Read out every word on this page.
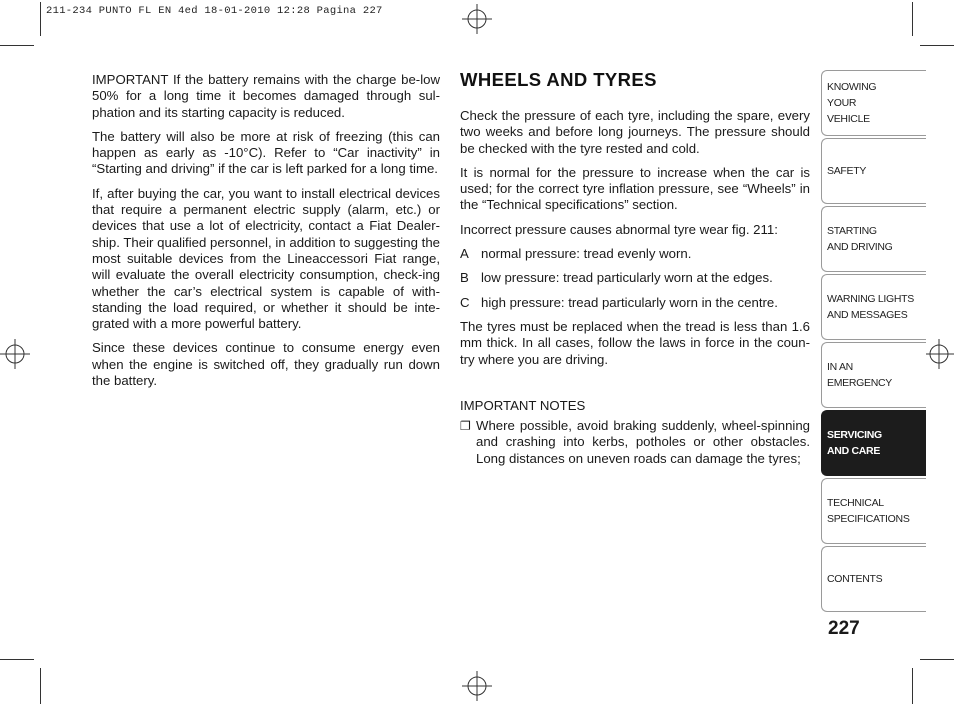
211-234 PUNTO FL EN 4ed 18-01-2010 12:28 Pagina 227

IMPORTANT If the battery remains with the charge be-low 50% for a long time it becomes damaged through sul-phation and its starting capacity is reduced.

The battery will also be more at risk of freezing (this can happen as early as -10°C). Refer to “Car inactivity” in “Starting and driving” if the car is left parked for a long time.

If, after buying the car, you want to install electrical devices that require a permanent electric supply (alarm, etc.) or devices that use a lot of electricity, contact a Fiat Dealer-ship. Their qualified personnel, in addition to suggesting the most suitable devices from the Lineaccessori Fiat range, will evaluate the overall electricity consumption, check-ing whether the car’s electrical system is capable of with-standing the load required, or whether it should be inte-grated with a more powerful battery.

Since these devices continue to consume energy even when the engine is switched off, they gradually run down the battery.

WHEELS AND TYRES

Check the pressure of each tyre, including the spare, every two weeks and before long journeys. The pressure should be checked with the tyre rested and cold.

It is normal for the pressure to increase when the car is used; for the correct tyre inflation pressure, see “Wheels” in the “Technical specifications” section.

Incorrect pressure causes abnormal tyre wear fig. 211:

A normal pressure: tread evenly worn.
B low pressure: tread particularly worn at the edges.
C high pressure: tread particularly worn in the centre.

The tyres must be replaced when the tread is less than 1.6 mm thick. In all cases, follow the laws in force in the coun-try where you are driving.

IMPORTANT NOTES

❐ Where possible, avoid braking suddenly, wheel-spinning and crashing into kerbs, potholes or other obstacles. Long distances on uneven roads can damage the tyres;
KNOWING
YOUR
VEHICLE
SAFETY
STARTING
AND DRIVING
WARNING LIGHTS
AND MESSAGES
IN AN
EMERGENCY
SERVICING
AND CARE
TECHNICAL
SPECIFICATIONS
CONTENTS
227
